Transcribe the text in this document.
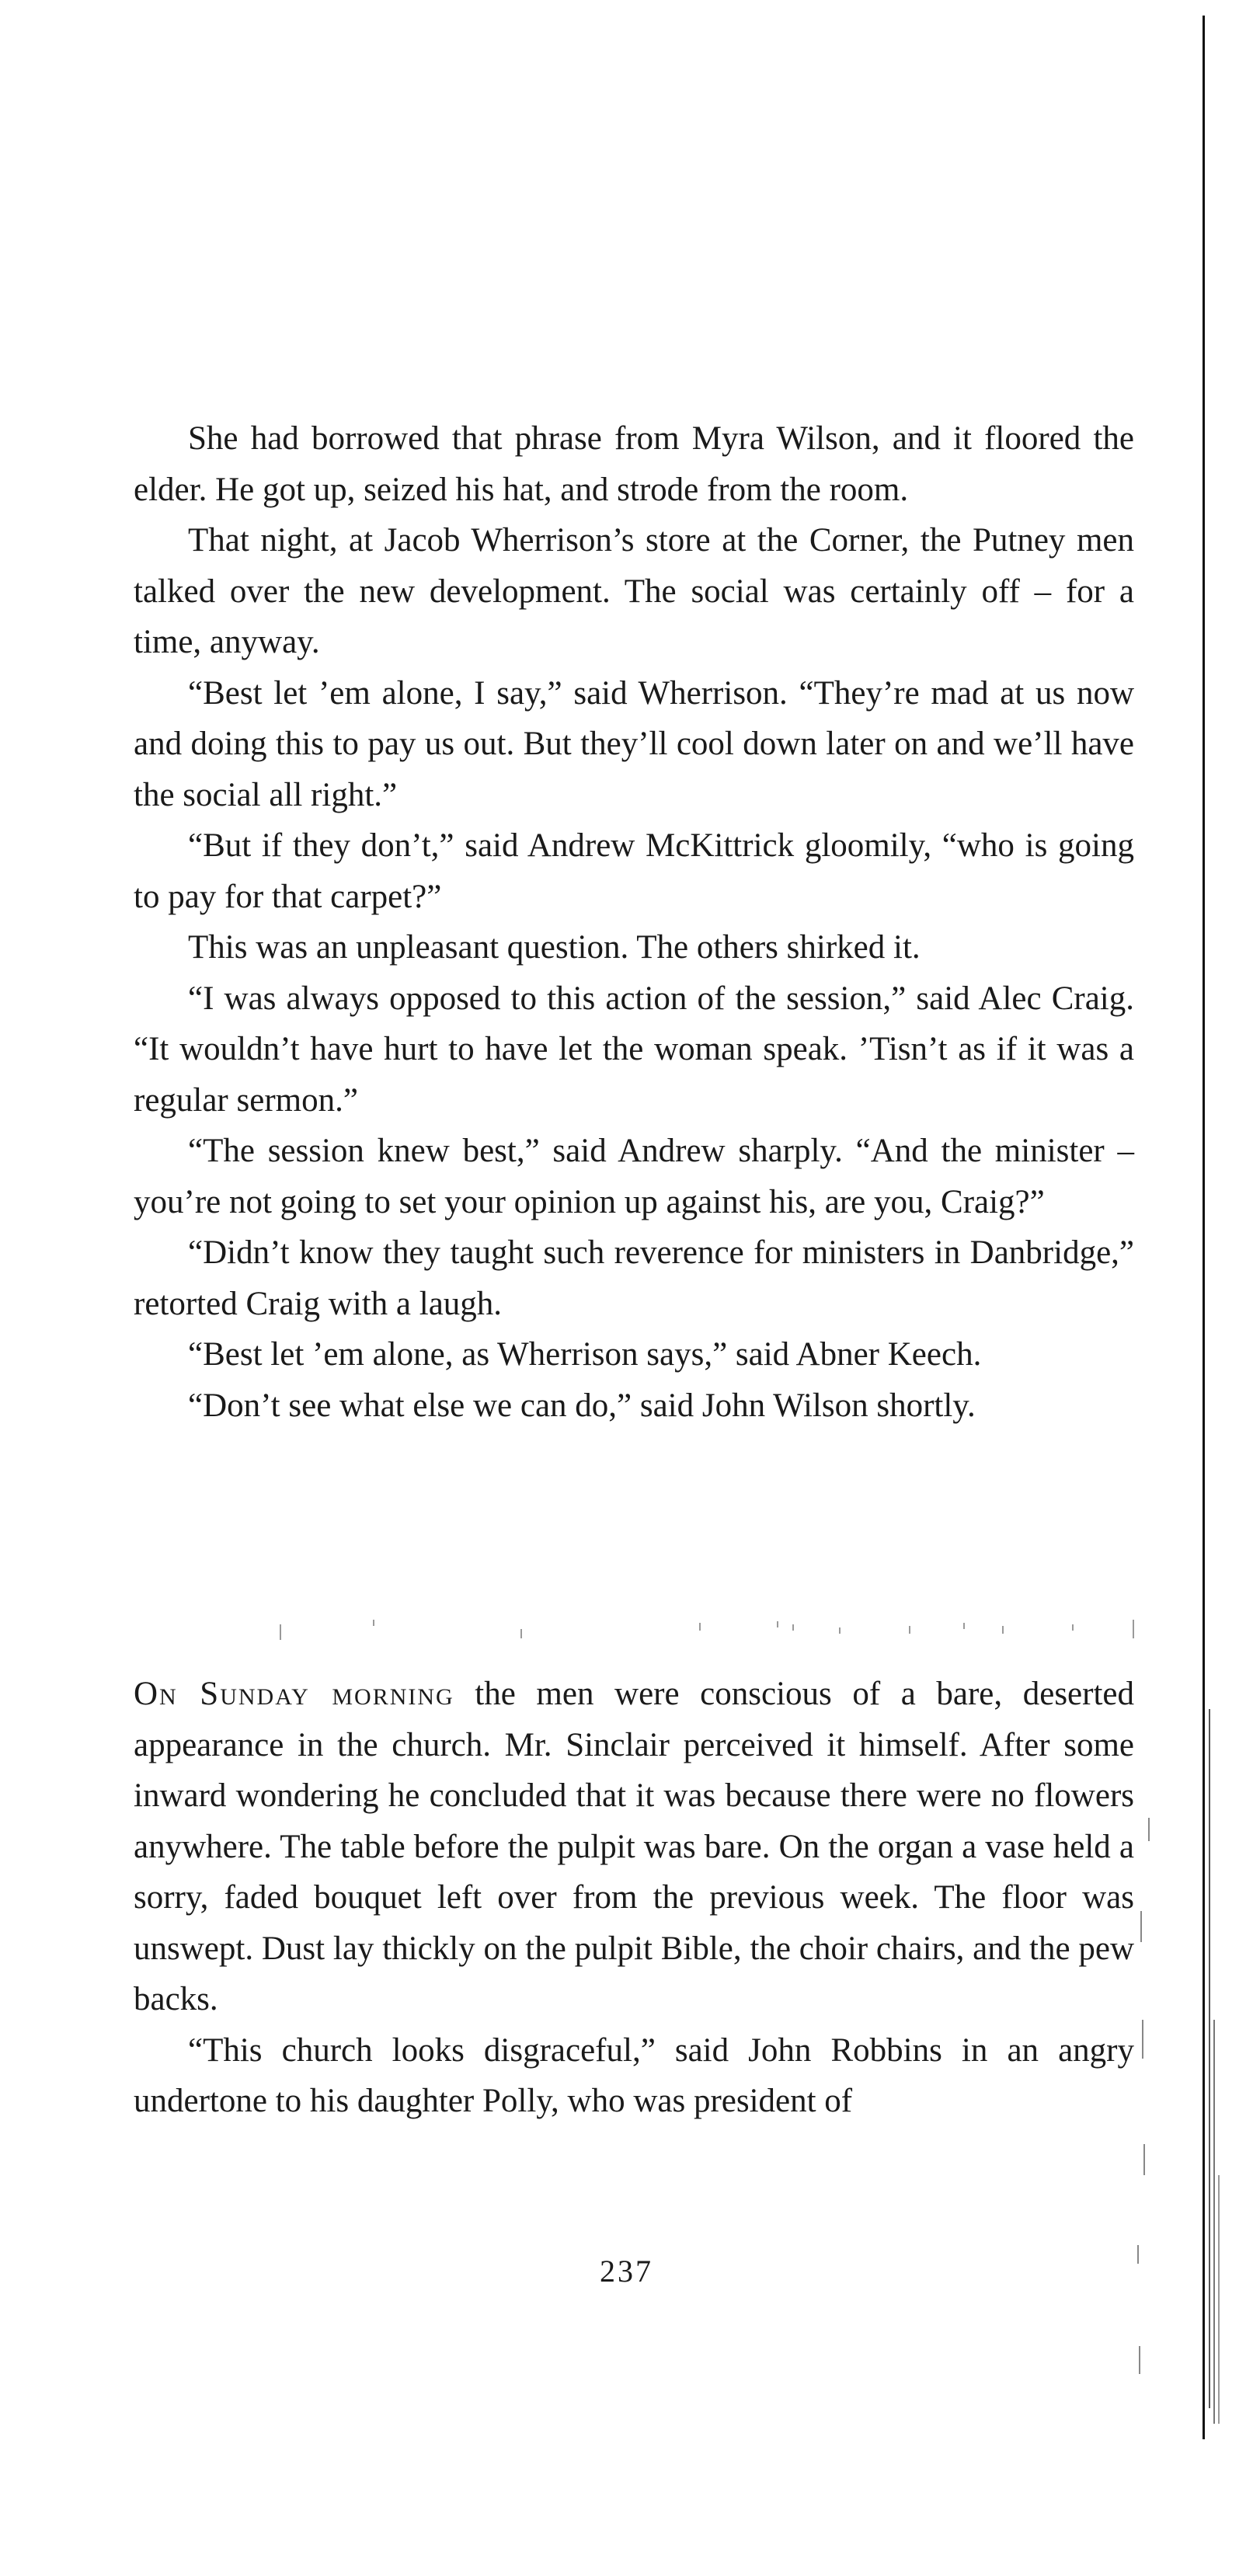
She had borrowed that phrase from Myra Wilson, and it floored the elder. He got up, seized his hat, and strode from the room.

That night, at Jacob Wherrison’s store at the Corner, the Putney men talked over the new development. The social was certainly off – for a time, anyway.

“Best let ’em alone, I say,” said Wherrison. “They’re mad at us now and doing this to pay us out. But they’ll cool down later on and we’ll have the social all right.”

“But if they don’t,” said Andrew McKittrick gloomily, “who is going to pay for that carpet?”

This was an unpleasant question. The others shirked it.

“I was always opposed to this action of the session,” said Alec Craig. “It wouldn’t have hurt to have let the woman speak. ’Tisn’t as if it was a regular sermon.”

“The session knew best,” said Andrew sharply. “And the minister – you’re not going to set your opinion up against his, are you, Craig?”

“Didn’t know they taught such reverence for ministers in Danbridge,” retorted Craig with a laugh.

“Best let ’em alone, as Wherrison says,” said Abner Keech.

“Don’t see what else we can do,” said John Wilson shortly.

On Sunday morning the men were conscious of a bare, deserted appearance in the church. Mr. Sinclair perceived it himself. After some inward wondering he concluded that it was because there were no flowers anywhere. The table before the pulpit was bare. On the organ a vase held a sorry, faded bouquet left over from the previous week. The floor was unswept. Dust lay thickly on the pulpit Bible, the choir chairs, and the pew backs.

“This church looks disgraceful,” said John Robbins in an angry undertone to his daughter Polly, who was president of

237
